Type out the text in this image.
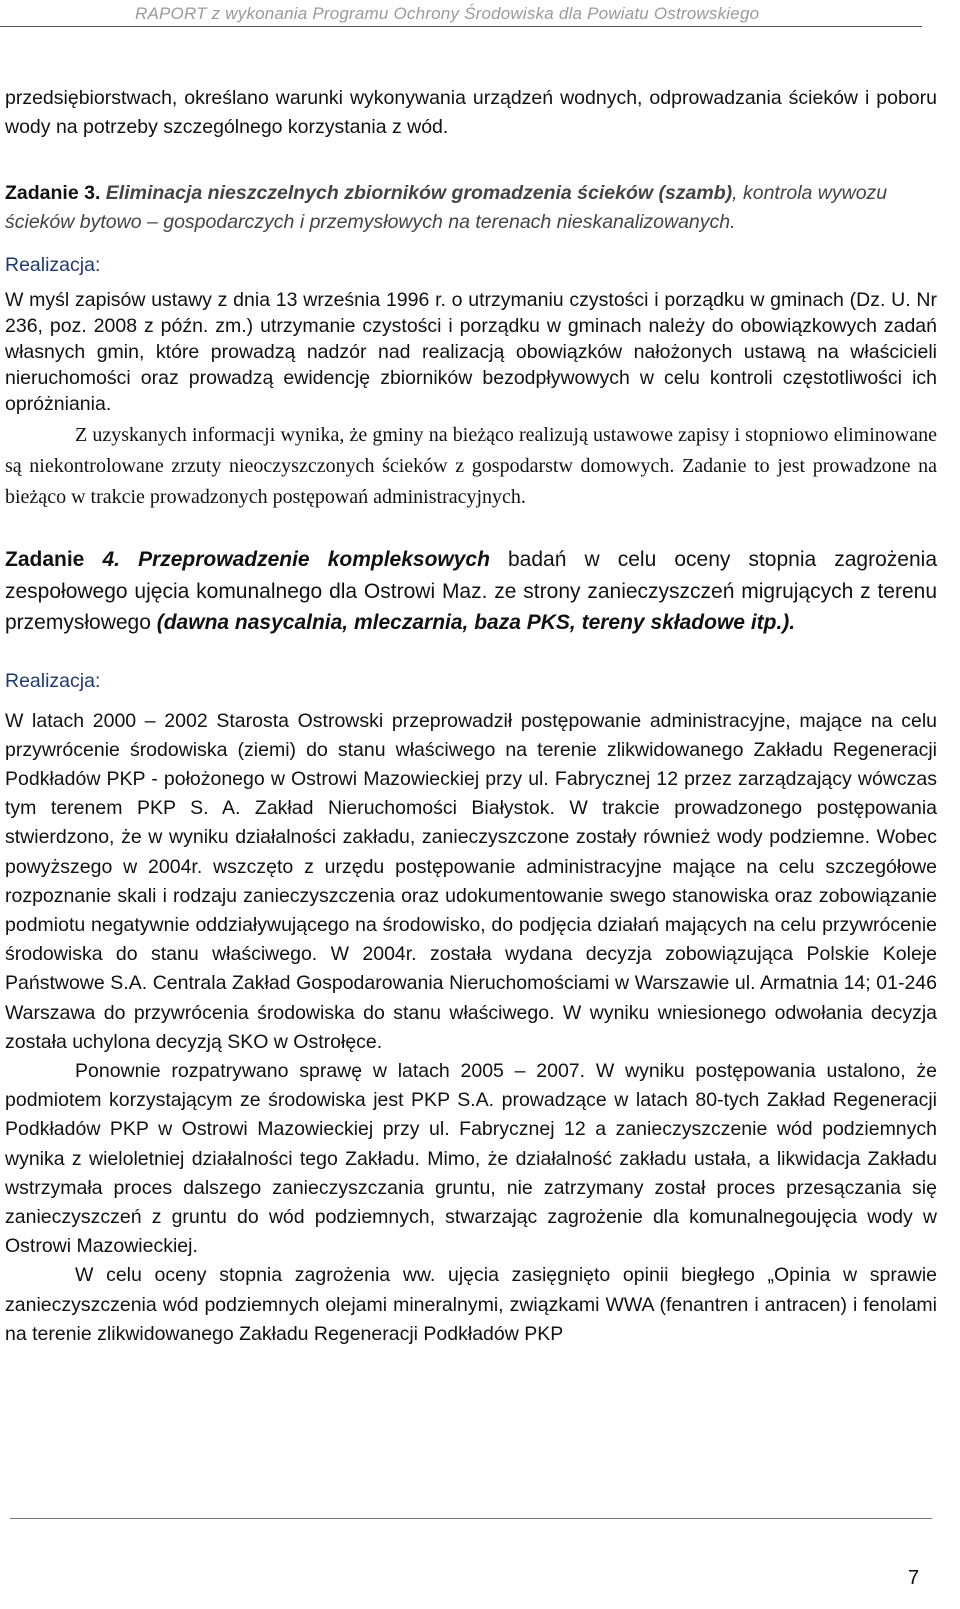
RAPORT z wykonania Programu Ochrony Środowiska dla Powiatu Ostrowskiego

przedsiębiorstwach, określano warunki wykonywania urządzeń wodnych, odprowadzania ścieków i poboru wody na potrzeby szczególnego korzystania z wód.

Zadanie 3. Eliminacja nieszczelnych zbiorników gromadzenia ścieków (szamb), kontrola wywozu ścieków bytowo – gospodarczych i przemysłowych na terenach nieskanalizowanych.

Realizacja:

W myśl zapisów ustawy z dnia 13 września 1996 r. o utrzymaniu czystości i porządku w gminach (Dz. U. Nr 236, poz. 2008 z późn. zm.) utrzymanie czystości i porządku w gminach należy do obowiązkowych zadań własnych gmin, które prowadzą nadzór nad realizacją obowiązków nałożonych ustawą na właścicieli nieruchomości oraz prowadzą ewidencję zbiorników bezodpływowych w celu kontroli częstotliwości ich opróżniania.

Z uzyskanych informacji wynika, że gminy na bieżąco realizują ustawowe zapisy i stopniowo eliminowane są niekontrolowane zrzuty nieoczyszczonych ścieków z gospodarstw domowych. Zadanie to jest prowadzone na bieżąco w trakcie prowadzonych postępowań administracyjnych.

Zadanie 4. Przeprowadzenie kompleksowych badań w celu oceny stopnia zagrożenia zespołowego ujęcia komunalnego dla Ostrowi Maz. ze strony zanieczyszczeń migrujących z terenu przemysłowego (dawna nasycalnia, mleczarnia, baza PKS, tereny składowe itp.).

Realizacja:

W latach 2000 – 2002 Starosta Ostrowski przeprowadził postępowanie administracyjne, mające na celu przywrócenie środowiska (ziemi) do stanu właściwego na terenie zlikwidowanego Zakładu Regeneracji Podkładów PKP - położonego w Ostrowi Mazowieckiej przy ul. Fabrycznej 12 przez zarządzający wówczas tym terenem PKP S. A. Zakład Nieruchomości Białystok. W trakcie prowadzonego postępowania stwierdzono, że w wyniku działalności zakładu, zanieczyszczone zostały również wody podziemne. Wobec powyższego w 2004r. wszczęto z urzędu postępowanie administracyjne mające na celu szczegółowe rozpoznanie skali i rodzaju zanieczyszczenia oraz udokumentowanie swego stanowiska oraz zobowiązanie podmiotu negatywnie oddziaływującego na środowisko, do podjęcia działań mających na celu przywrócenie środowiska do stanu właściwego. W 2004r. została wydana decyzja zobowiązująca Polskie Koleje Państwowe S.A. Centrala Zakład Gospodarowania Nieruchomościami w Warszawie ul. Armatnia 14; 01-246 Warszawa do przywrócenia środowiska do stanu właściwego. W wyniku wniesionego odwołania decyzja została uchylona decyzją SKO w Ostrołęce.

Ponownie rozpatrywano sprawę w latach 2005 – 2007. W wyniku postępowania ustalono, że podmiotem korzystającym ze środowiska jest PKP S.A. prowadzące w latach 80-tych Zakład Regeneracji Podkładów PKP w Ostrowi Mazowieckiej przy ul. Fabrycznej 12 a zanieczyszczenie wód podziemnych wynika z wieloletniej działalności tego Zakładu. Mimo, że działalność zakładu ustała, a likwidacja Zakładu wstrzymała proces dalszego zanieczyszczania gruntu, nie zatrzymany został proces przesączania się zanieczyszczeń z gruntu do wód podziemnych, stwarzając zagrożenie dla komunalnegoujęcia wody w Ostrowi Mazowieckiej.

W celu oceny stopnia zagrożenia ww. ujęcia zasięgnięto opinii biegłego „Opinia w sprawie zanieczyszczenia wód podziemnych olejami mineralnymi, związkami WWA (fenantren i antracen) i fenolami na terenie zlikwidowanego Zakładu Regeneracji Podkładów PKP

7
